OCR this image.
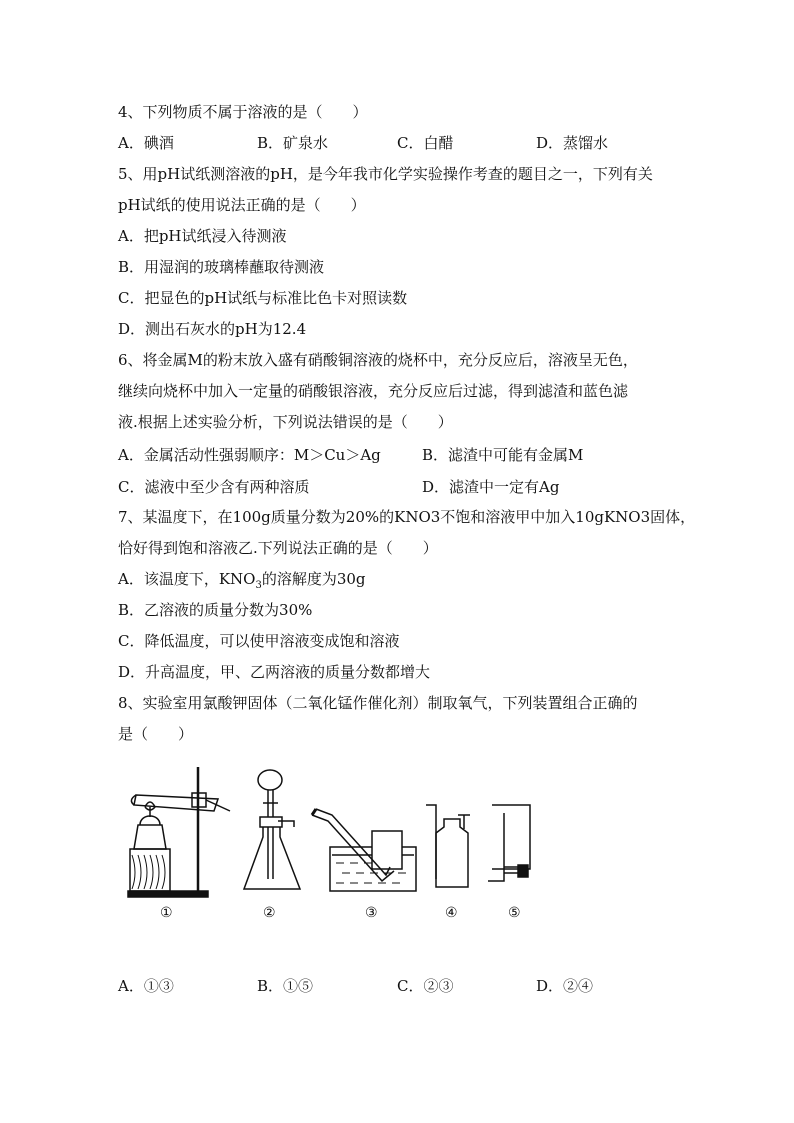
4、下列物质不属于溶液的是（　　）
A．碘酒	B．矿泉水	C．白醋	D．蒸馏水
5、用pH试纸测溶液的pH，是今年我市化学实验操作考查的题目之一，下列有关
pH试纸的使用说法正确的是（　　）
A．把pH试纸浸入待测液
B．用湿润的玻璃棒蘸取待测液
C．把显色的pH试纸与标准比色卡对照读数
D．测出石灰水的pH为12.4
6、将金属M的粉末放入盛有硝酸铜溶液的烧杯中，充分反应后，溶液呈无色，
继续向烧杯中加入一定量的硝酸银溶液，充分反应后过滤，得到滤渣和蓝色滤
液.根据上述实验分析，下列说法错误的是（　　）
A．金属活动性强弱顺序：M＞Cu＞Ag	B．滤渣中可能有金属M
C．滤液中至少含有两种溶质	D．滤渣中一定有Ag
7、某温度下，在100g质量分数为20%的KNO3不饱和溶液甲中加入10gKNO3固体，
恰好得到饱和溶液乙.下列说法正确的是（　　）
A．该温度下，$KNO_3$的溶解度为30g
B．乙溶液的质量分数为30%
C．降低温度，可以使甲溶液变成饱和溶液
D．升高温度，甲、乙两溶液的质量分数都增大
8、实验室用氯酸钾固体（二氧化锰作催化剂）制取氧气，下列装置组合正确的
是（　　）
①	②	③	④	⑤
A．①③	B．①⑤	C．②③	D．②④
